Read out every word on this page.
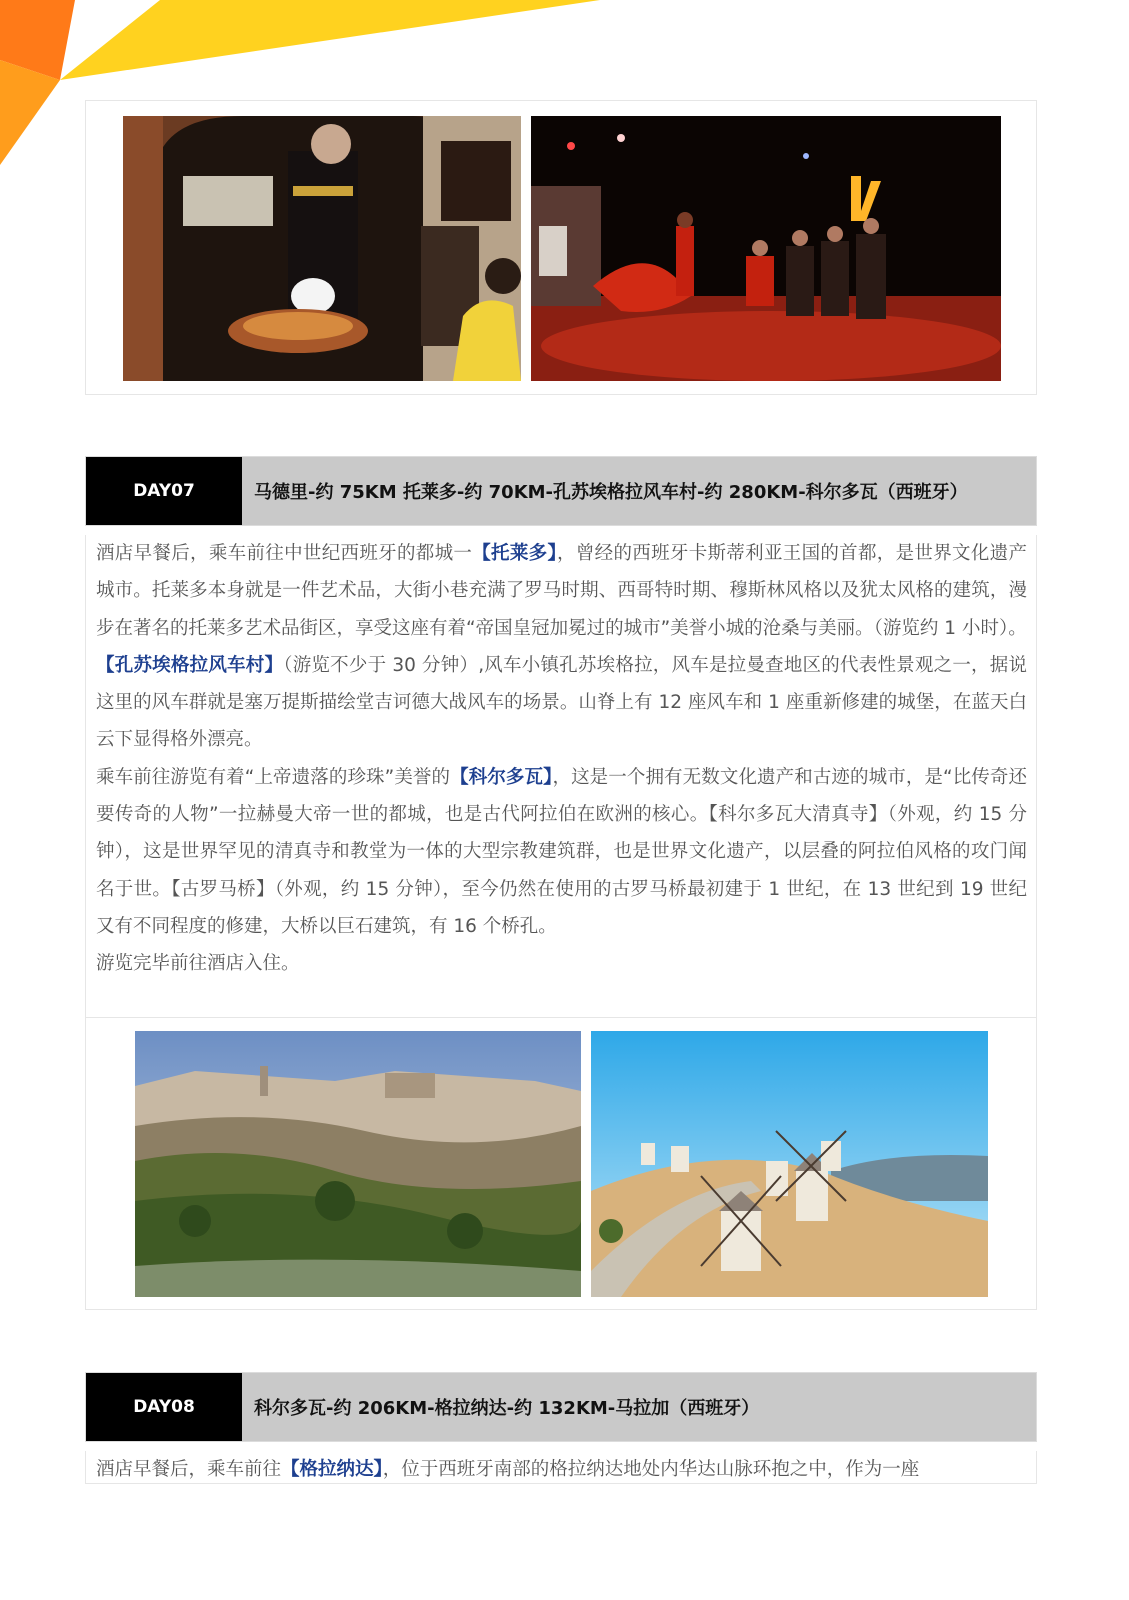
DAY07	马德里-约 75KM 托莱多-约 70KM-孔苏埃格拉风车村-约 280KM-科尔多瓦（西班牙）

酒店早餐后，乘车前往中世纪西班牙的都城一【托莱多】，曾经的西班牙卡斯蒂利亚王国的首都，是世界文化遗产城市。托莱多本身就是一件艺术品，大街小巷充满了罗马时期、西哥特时期、穆斯林风格以及犹太风格的建筑，漫步在著名的托莱多艺术品街区，享受这座有着“帝国皇冠加冕过的城市”美誉小城的沧桑与美丽。（游览约 1 小时）。

【孔苏埃格拉风车村】（游览不少于 30 分钟）,风车小镇孔苏埃格拉，风车是拉曼查地区的代表性景观之一，据说这里的风车群就是塞万提斯描绘堂吉诃德大战风车的场景。山脊上有 12 座风车和 1 座重新修建的城堡，在蓝天白云下显得格外漂亮。

乘车前往游览有着“上帝遗落的珍珠”美誉的【科尔多瓦】，这是一个拥有无数文化遗产和古迹的城市，是“比传奇还要传奇的人物”一拉赫曼大帝一世的都城，也是古代阿拉伯在欧洲的核心。【科尔多瓦大清真寺】（外观，约 15 分钟），这是世界罕见的清真寺和教堂为一体的大型宗教建筑群，也是世界文化遗产，以层叠的阿拉伯风格的攻门闻名于世。【古罗马桥】（外观，约 15 分钟），至今仍然在使用的古罗马桥最初建于 1 世纪，在 13 世纪到 19 世纪又有不同程度的修建，大桥以巨石建筑，有 16 个桥孔。

游览完毕前往酒店入住。

DAY08	科尔多瓦-约 206KM-格拉纳达-约 132KM-马拉加（西班牙）

酒店早餐后，乘车前往【格拉纳达】，位于西班牙南部的格拉纳达地处内华达山脉环抱之中，作为一座
